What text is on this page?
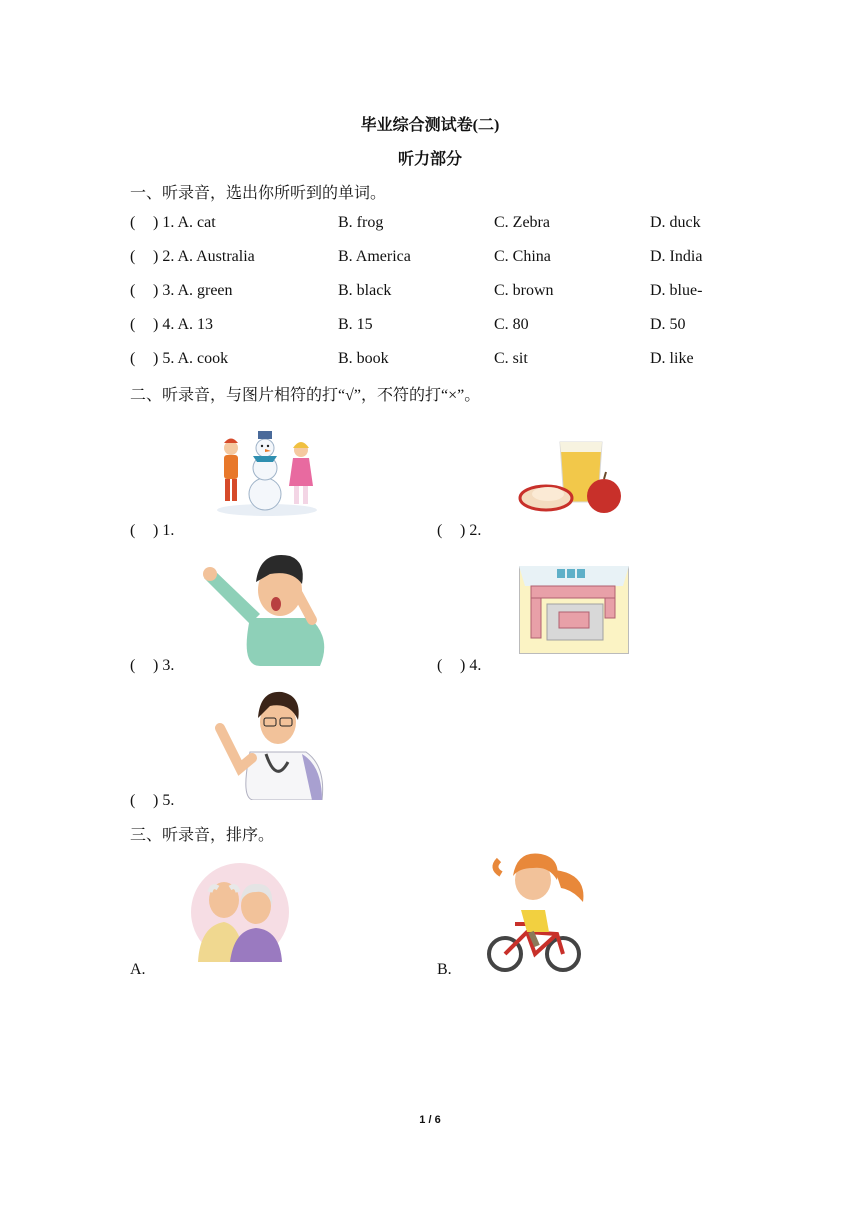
毕业综合测试卷(二)
听力部分
一、听录音，选出你所听到的单词。
( ) 1. A. cat	B. frog	C. Zebra	D. duck
( ) 2. A. Australia	B. America	C. China	D. India
( ) 3. A. green	B. black	C. brown	D. blue-
( ) 4. A. 13	B. 15	C. 80	D. 50
( ) 5. A. cook	B. book	C. sit	D. like
二、听录音，与图片相符的打“√”，不符的打“×”。
( ) 1.	( ) 2.
( ) 3.	( ) 4.
( ) 5.
三、听录音，排序。
A.	B.
1 / 6
